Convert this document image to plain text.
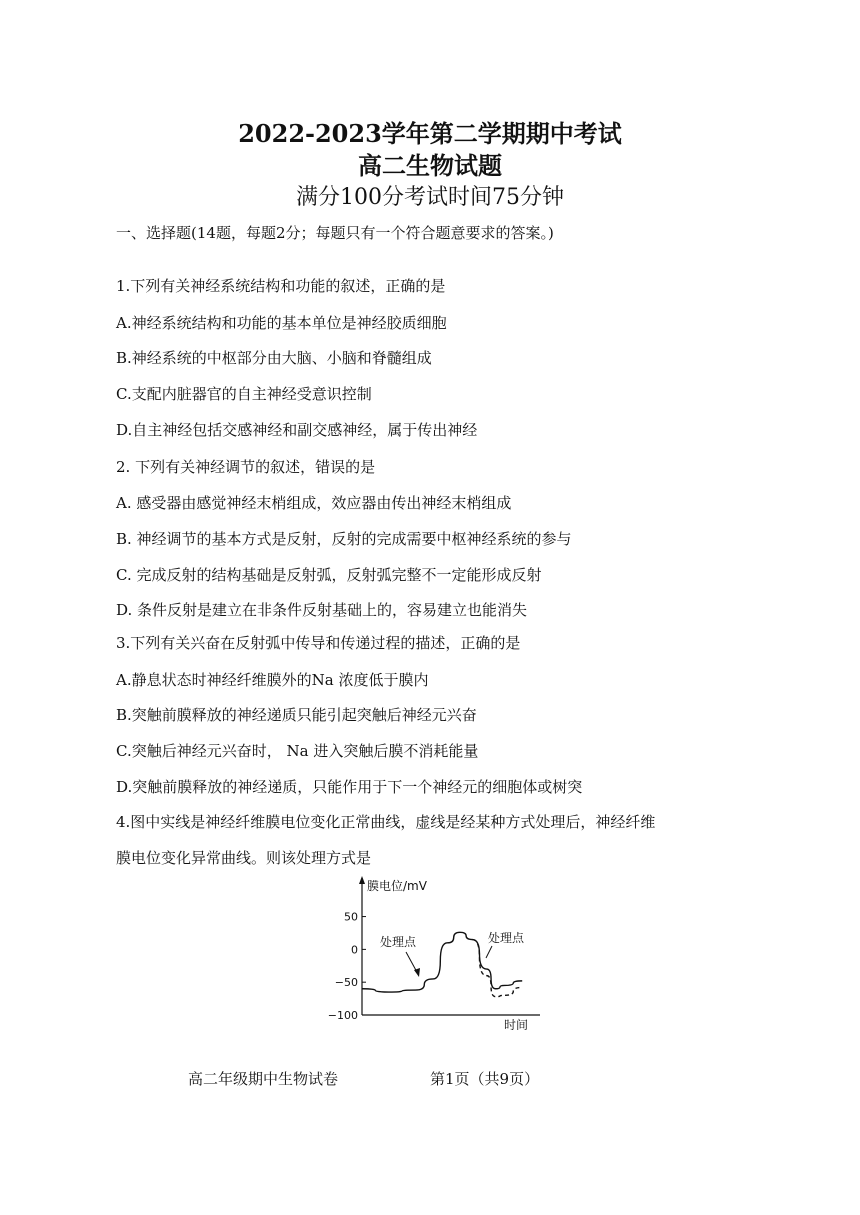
2022-2023学年第二学期期中考试
高二生物试题
满分100分考试时间75分钟
一、选择题(14题，每题2分；每题只有一个符合题意要求的答案。)
1.下列有关神经系统结构和功能的叙述，正确的是
A.神经系统结构和功能的基本单位是神经胶质细胞
B.神经系统的中枢部分由大脑、小脑和脊髓组成
C.支配内脏器官的自主神经受意识控制
D.自主神经包括交感神经和副交感神经，属于传出神经
2. 下列有关神经调节的叙述，错误的是
A. 感受器由感觉神经末梢组成，效应器由传出神经末梢组成
B. 神经调节的基本方式是反射，反射的完成需要中枢神经系统的参与
C. 完成反射的结构基础是反射弧，反射弧完整不一定能形成反射
D. 条件反射是建立在非条件反射基础上的，容易建立也能消失
3.下列有关兴奋在反射弧中传导和传递过程的描述，正确的是
A.静息状态时神经纤维膜外的Na 浓度低于膜内
B.突触前膜释放的神经递质只能引起突触后神经元兴奋
C.突触后神经元兴奋时， Na 进入突触后膜不消耗能量
D.突触前膜释放的神经递质，只能作用于下一个神经元的细胞体或树突
4.图中实线是神经纤维膜电位变化正常曲线，虚线是经某种方式处理后，神经纤维
膜电位变化异常曲线。则该处理方式是
膜电位/mV
时间
50
0
−50
−100
处理点	处理点
高二年级期中生物试卷	第1页（共9页）
